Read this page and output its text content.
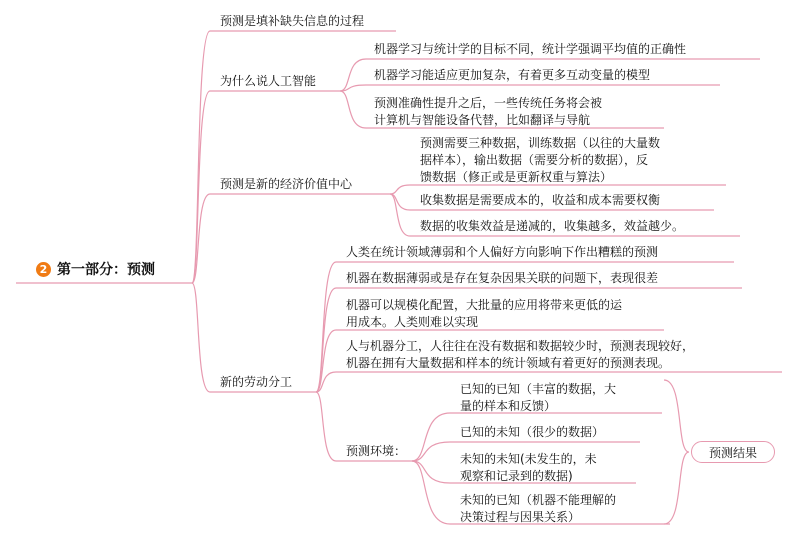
2 第一部分：预测
预测是填补缺失信息的过程
为什么说人工智能
预测是新的经济价值中心
新的劳动分工
机器学习与统计学的目标不同，统计学强调平均值的正确性
机器学习能适应更加复杂，有着更多互动变量的模型
预测准确性提升之后，一些传统任务将会被
计算机与智能设备代替，比如翻译与导航
预测需要三种数据，训练数据（以往的大量数
据样本），输出数据（需要分析的数据），反
馈数据（修正或是更新权重与算法）
收集数据是需要成本的，收益和成本需要权衡
数据的收集效益是递减的，收集越多，效益越少。
人类在统计领域薄弱和个人偏好方向影响下作出糟糕的预测
机器在数据薄弱或是存在复杂因果关联的问题下，表现很差
机器可以规模化配置，大批量的应用将带来更低的运
用成本。人类则难以实现
人与机器分工，人往往在没有数据和数据较少时，预测表现较好，
机器在拥有大量数据和样本的统计领域有着更好的预测表现。
预测环境：
已知的已知（丰富的数据，大
量的样本和反馈）
已知的未知（很少的数据）
未知的未知(未发生的，未
观察和记录到的数据)
未知的已知（机器不能理解的
决策过程与因果关系）
预测结果
